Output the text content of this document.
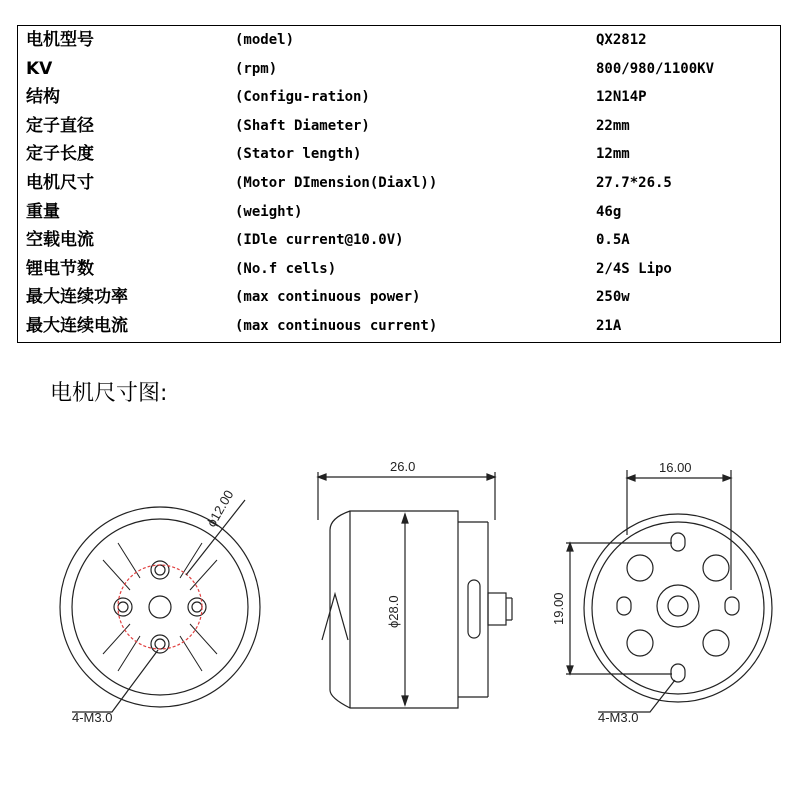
电机型号	(model)	QX2812
KV	(rpm)	800/980/1100KV
结构	(Configu-ration)	12N14P
定子直径	(Shaft Diameter)	22mm
定子长度	(Stator length)	12mm
电机尺寸	(Motor DImension(Diaxl))	27.7*26.5
重量	(weight)	46g
空载电流	(IDle current@10.0V)	0.5A
锂电节数	(No.f cells)	2/4S Lipo
最大连续功率	(max continuous power)	250w
最大连续电流	(max continuous current)	21A
电机尺寸图:
ϕ12.00
4-M3.0
26.0
ϕ28.0
16.00
19.00
4-M3.0
